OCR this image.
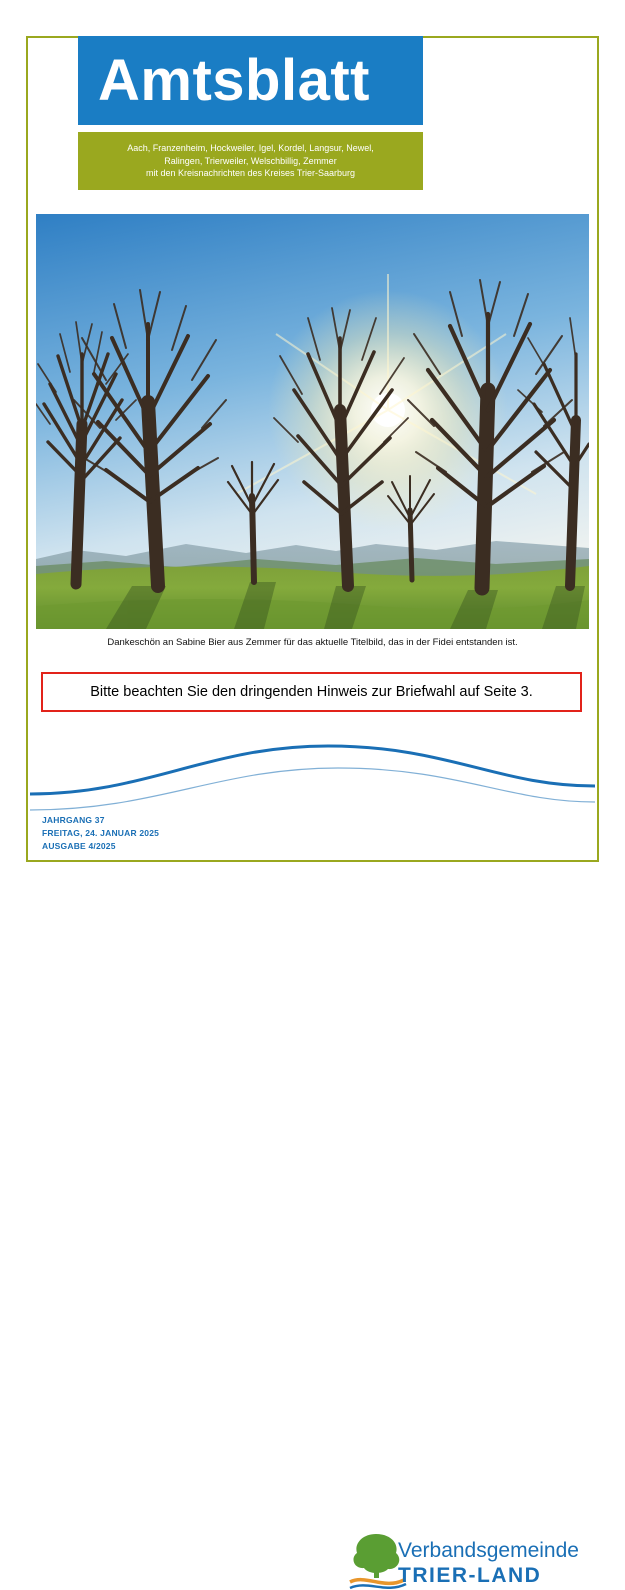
Amtsblatt
Aach, Franzenheim, Hockweiler, Igel, Kordel, Langsur, Newel,
Ralingen, Trierweiler, Welschbillig, Zemmer
mit den Kreisnachrichten des Kreises Trier-Saarburg
Dankeschön an Sabine Bier aus Zemmer für das aktuelle Titelbild, das in der Fidei entstanden ist.
Bitte beachten Sie den dringenden Hinweis zur Briefwahl auf Seite 3.
Verbandsgemeinde
TRIER-LAND
JAHRGANG 37
FREITAG, 24. JANUAR 2025
AUSGABE 4/2025
